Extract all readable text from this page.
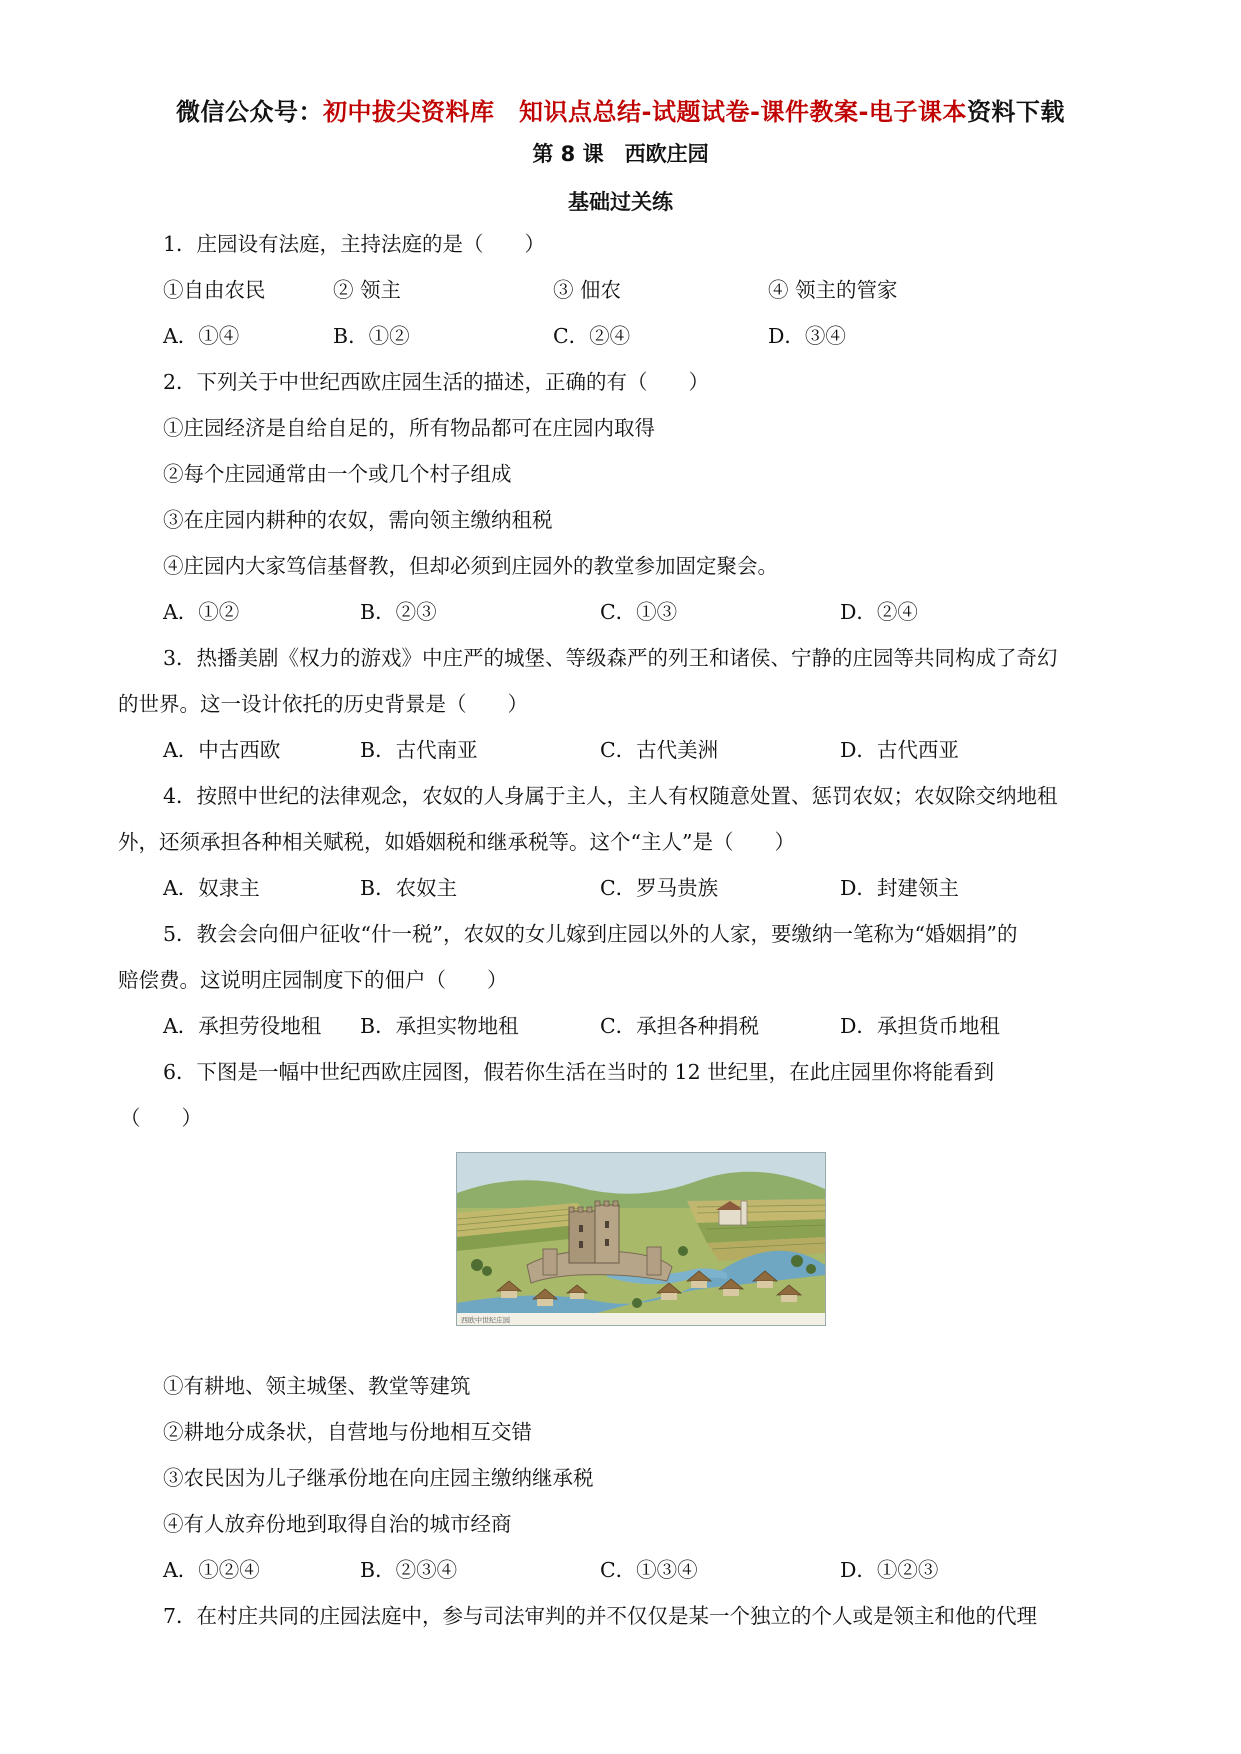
微信公众号：初中拔尖资料库　知识点总结-试题试卷-课件教案-电子课本资料下载
第 8 课　西欧庄园
基础过关练
1．庄园设有法庭，主持法庭的是（　　）
①自由农民	② 领主	③ 佃农	④ 领主的管家
A．①④	B．①②	C．②④	D．③④
2．下列关于中世纪西欧庄园生活的描述，正确的有（　　）
①庄园经济是自给自足的，所有物品都可在庄园内取得
②每个庄园通常由一个或几个村子组成
③在庄园内耕种的农奴，需向领主缴纳租税
④庄园内大家笃信基督教，但却必须到庄园外的教堂参加固定聚会。
A．①②	B．②③	C．①③	D．②④
3．热播美剧《权力的游戏》中庄严的城堡、等级森严的列王和诸侯、宁静的庄园等共同构成了奇幻
的世界。这一设计依托的历史背景是（　　）
A．中古西欧	B．古代南亚	C．古代美洲	D．古代西亚
4．按照中世纪的法律观念，农奴的人身属于主人，主人有权随意处置、惩罚农奴；农奴除交纳地租
外，还须承担各种相关赋税，如婚姻税和继承税等。这个“主人”是（　　）
A．奴隶主	B．农奴主	C．罗马贵族	D．封建领主
5．教会会向佃户征收“什一税”，农奴的女儿嫁到庄园以外的人家，要缴纳一笔称为“婚姻捐”的
赔偿费。这说明庄园制度下的佃户（　　）
A．承担劳役地租 B．承担实物地租	C．承担各种捐税	D．承担货币地租
6．下图是一幅中世纪西欧庄园图，假若你生活在当时的 12 世纪里，在此庄园里你将能看到
（　　）
西欧中世纪庄园
①有耕地、领主城堡、教堂等建筑
②耕地分成条状，自营地与份地相互交错
③农民因为儿子继承份地在向庄园主缴纳继承税
④有人放弃份地到取得自治的城市经商
A．①②④	B．②③④	C．①③④	D．①②③
7．在村庄共同的庄园法庭中，参与司法审判的并不仅仅是某一个独立的个人或是领主和他的代理
